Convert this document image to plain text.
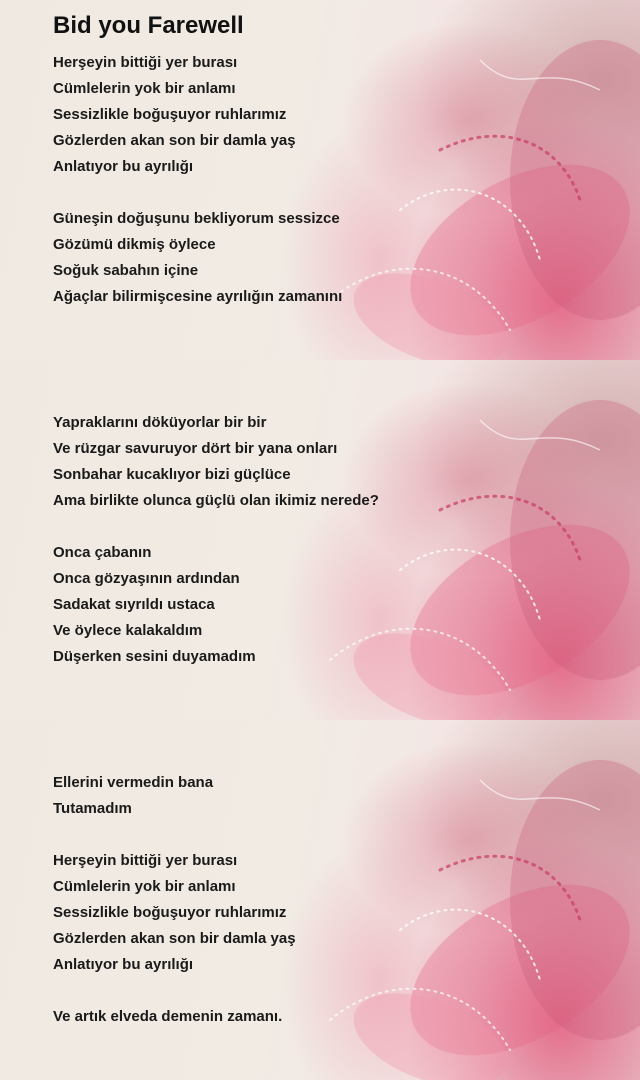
Bid you Farewell
Herşeyin bittiği yer burası
Cümlelerin yok bir anlamı
Sessizlikle boğuşuyor ruhlarımız
Gözlerden akan son bir damla yaş
Anlatıyor bu ayrılığı
Güneşin doğuşunu bekliyorum sessizce
Gözümü dikmiş öylece
Soğuk sabahın içine
Ağaçlar bilirmişcesine ayrılığın zamanını
Yapraklarını döküyorlar bir bir
Ve rüzgar savuruyor dört bir yana onları
Sonbahar kucaklıyor bizi güçlüce
Ama birlikte olunca güçlü olan ikimiz nerede?
Onca çabanın
Onca gözyaşının ardından
Sadakat sıyrıldı ustaca
Ve öylece kalakaldım
Düşerken sesini duyamadım
Ellerini vermedin bana
Tutamadım
Herşeyin bittiği yer burası
Cümlelerin yok bir anlamı
Sessizlikle boğuşuyor ruhlarımız
Gözlerden akan son bir damla yaş
Anlatıyor bu ayrılığı
Ve artık elveda demenin zamanı.
